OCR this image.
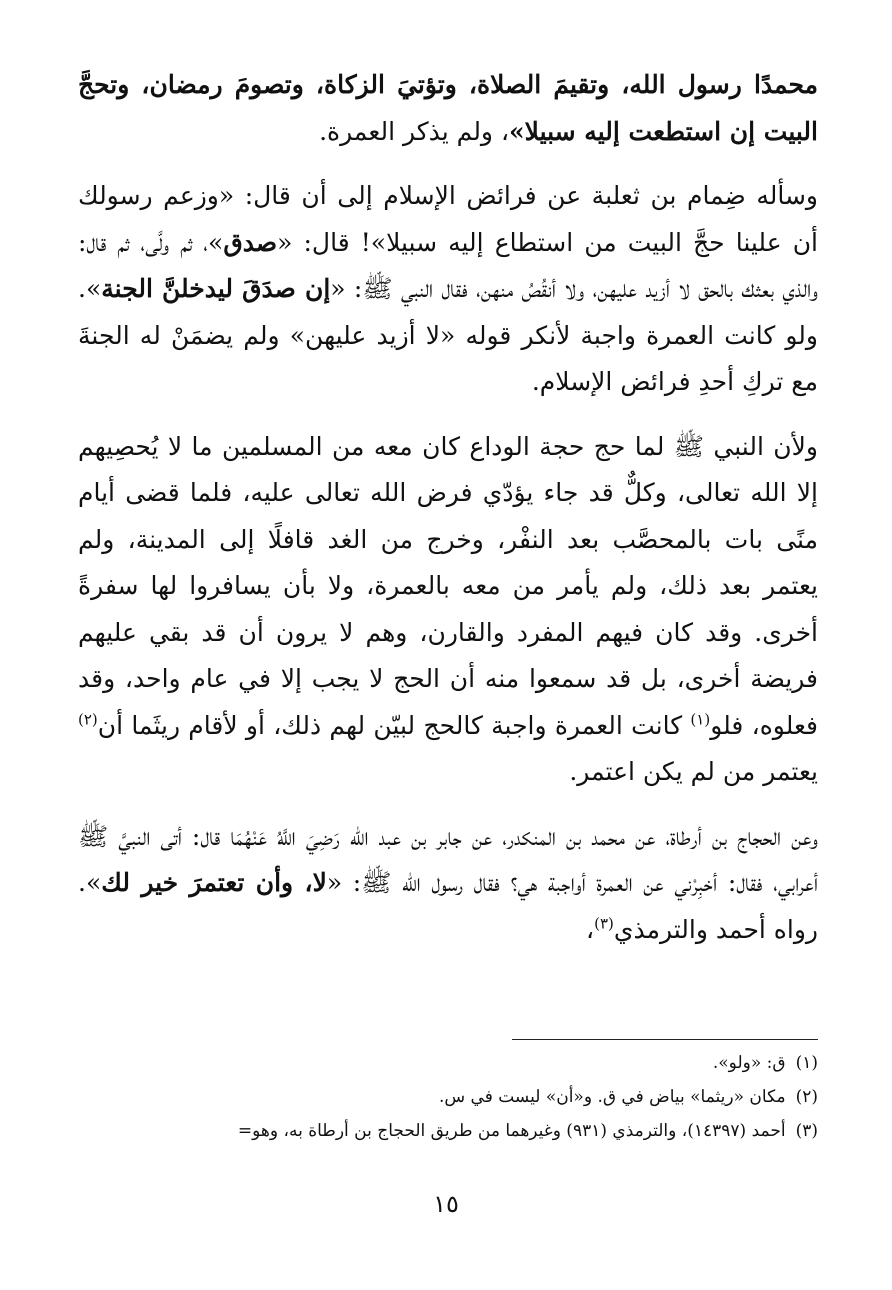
محمدًا رسول الله، وتقيمَ الصلاة، وتؤتيَ الزكاة، وتصومَ رمضان، وتحجَّ البيت إن استطعت إليه سبيلا»، ولم يذكر العمرة.

وسأله ضِمام بن ثعلبة عن فرائض الإسلام إلى أن قال: «وزعم رسولك أن علينا حجَّ البيت من استطاع إليه سبيلا»! قال: «صدق»، ثم ولَّى، ثم قال: والذي بعثك بالحق لا أزيد عليهن، ولا أنقُصُ منهن، فقال النبي ﷺ: «إن صدَقَ ليدخلنَّ الجنة». ولو كانت العمرة واجبة لأنكر قوله «لا أزيد عليهن» ولم يضمَنْ له الجنةَ مع تركِ أحدِ فرائض الإسلام.

ولأن النبي ﷺ لما حج حجة الوداع كان معه من المسلمين ما لا يُحصِيهم إلا الله تعالى، وكلٌّ قد جاء يؤدّي فرض الله تعالى عليه، فلما قضى أيام منًى بات بالمحصَّب بعد النفْر، وخرج من الغد قافلًا إلى المدينة، ولم يعتمر بعد ذلك، ولم يأمر من معه بالعمرة، ولا بأن يسافروا لها سفرةً أخرى. وقد كان فيهم المفرد والقارن، وهم لا يرون أن قد بقي عليهم فريضة أخرى، بل قد سمعوا منه أن الحج لا يجب إلا في عام واحد، وقد فعلوه، فلو$^{(١)}$ كانت العمرة واجبة كالحج لبيّن لهم ذلك، أو لأقام ريثَما أن$^{(٢)}$ يعتمر من لم يكن اعتمر.

وعن الحجاج بن أرطاة، عن محمد بن المنكدر، عن جابر بن عبد الله رَضِيَ اللَّهُ عَنْهُمَا قال: أتى النبيَّ ﷺ أعرابي، فقال: أخبِرْني عن العمرة أواجبة هي؟ فقال رسول الله ﷺ: «لا، وأن تعتمرَ خير لك». رواه أحمد والترمذي$^{(٣)}$،

(١)ق: «ولو».

(٢)مكان «ريثما» بياض في ق. و«أن» ليست في س.

(٣)أحمد (١٤٣٩٧)، والترمذي (٩٣١) وغيرهما من طريق الحجاج بن أرطاة به، وهو=

١٥
